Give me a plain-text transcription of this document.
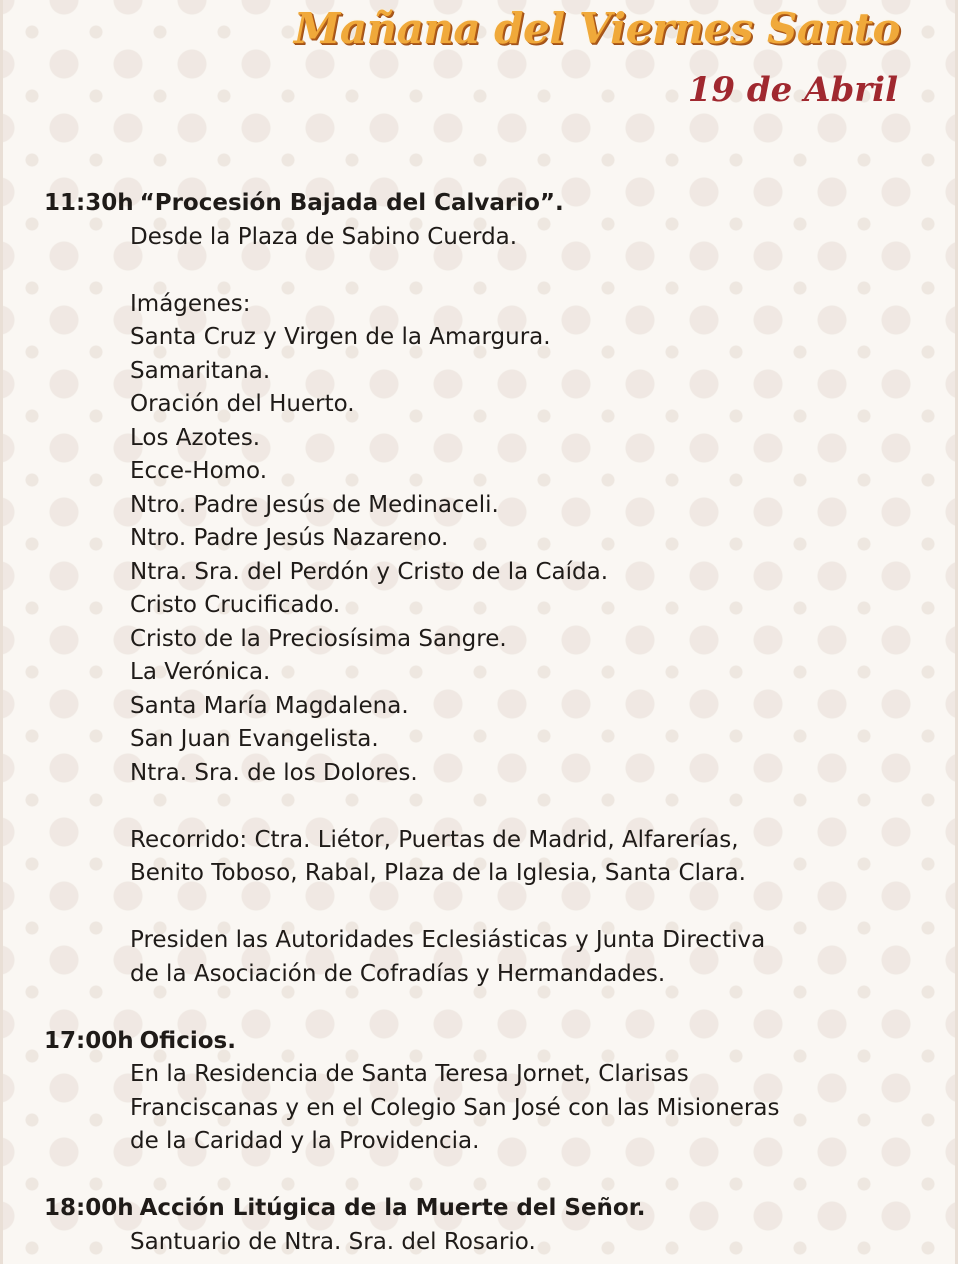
Mañana del Viernes Santo
19 de Abril
11:30h “Procesión Bajada del Calvario”.
Desde la Plaza de Sabino Cuerda.
Imágenes:
Santa Cruz y Virgen de la Amargura.
Samaritana.
Oración del Huerto.
Los Azotes.
Ecce-Homo.
Ntro. Padre Jesús de Medinaceli.
Ntro. Padre Jesús Nazareno.
Ntra. Sra. del Perdón y Cristo de la Caída.
Cristo Crucificado.
Cristo de la Preciosísima Sangre.
La Verónica.
Santa María Magdalena.
San Juan Evangelista.
Ntra. Sra. de los Dolores.
Recorrido: Ctra. Liétor, Puertas de Madrid, Alfarerías,
Benito Toboso, Rabal, Plaza de la Iglesia, Santa Clara.
Presiden las Autoridades Eclesiásticas y Junta Directiva
de la Asociación de Cofradías y Hermandades.
17:00h Oficios.
En la Residencia de Santa Teresa Jornet, Clarisas
Franciscanas y en el Colegio San José con las Misioneras
de la Caridad y la Providencia.
18:00h Acción Litúgica de la Muerte del Señor.
Santuario de Ntra. Sra. del Rosario.
